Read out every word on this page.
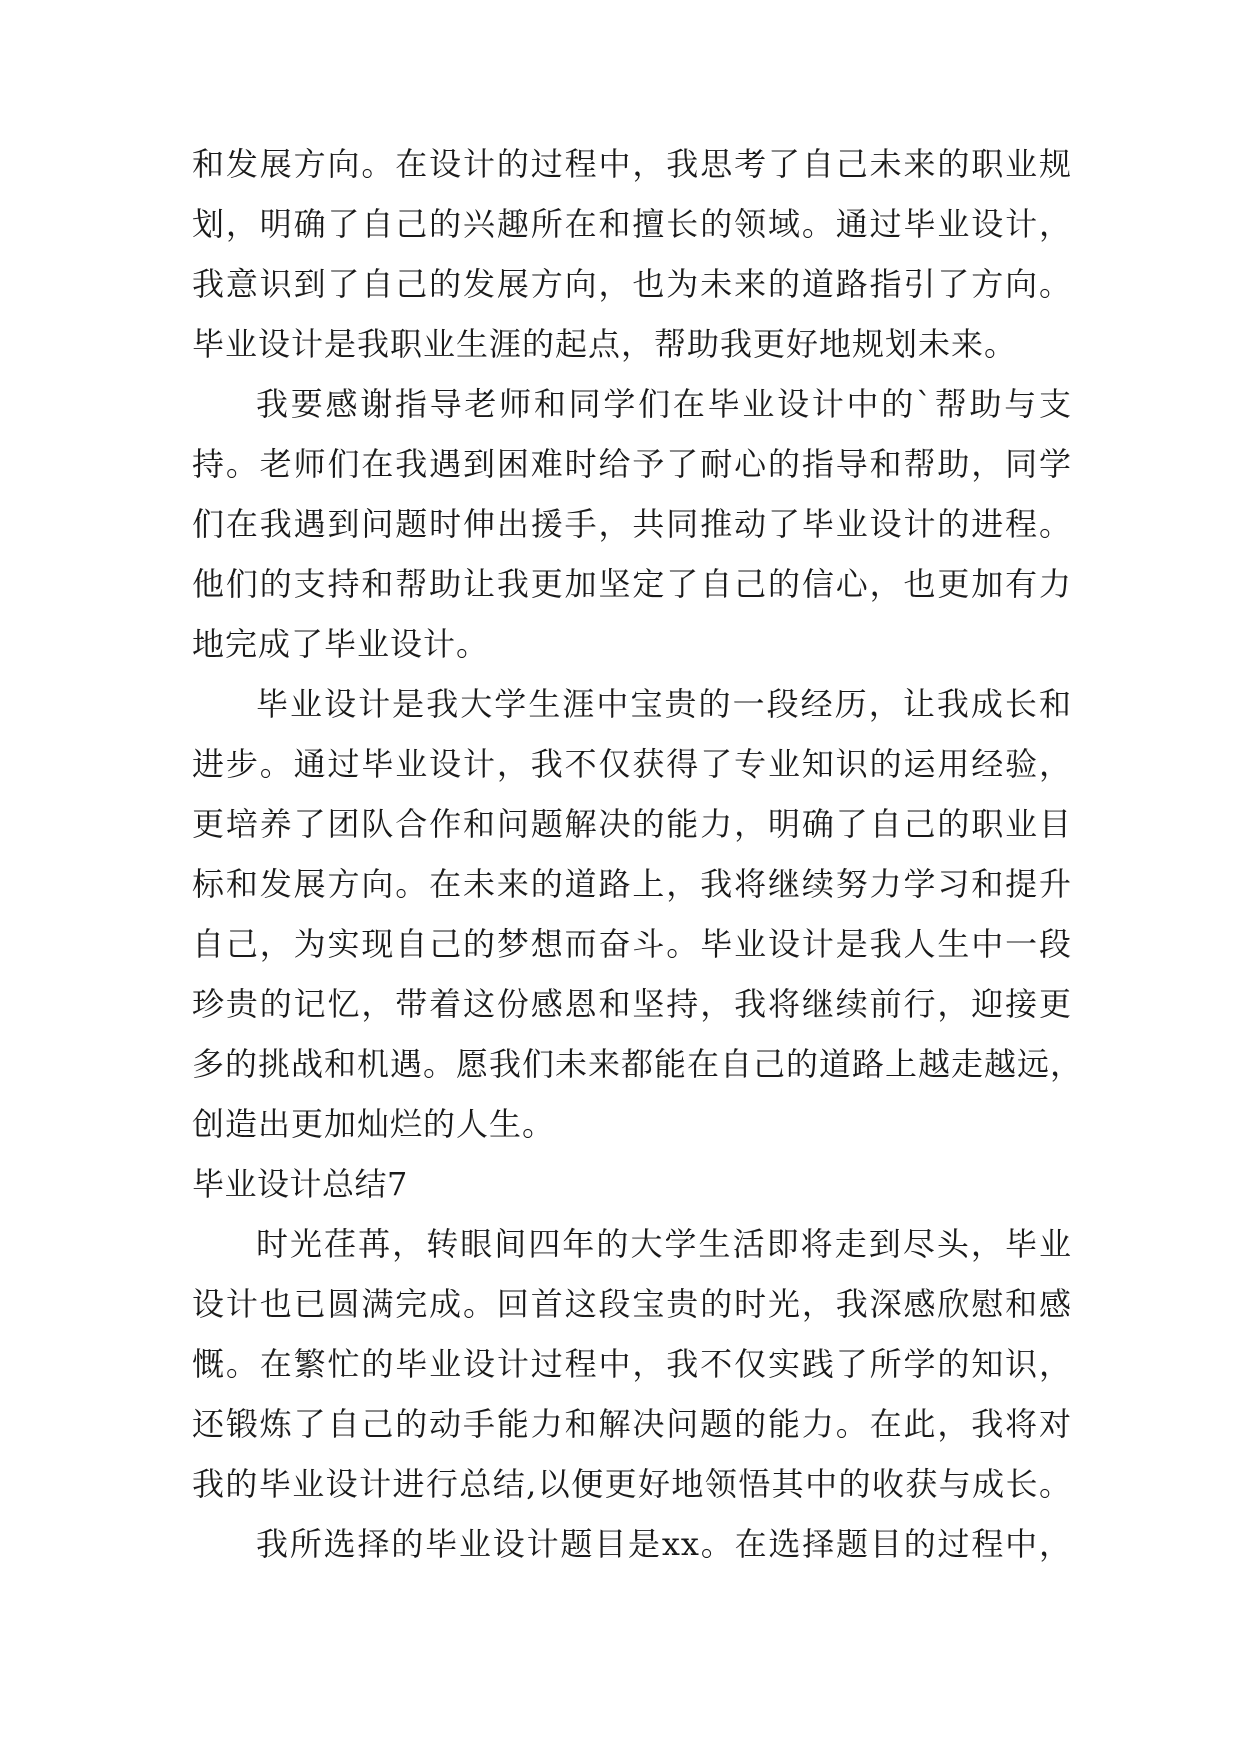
和发展方向。在设计的过程中，我思考了自己未来的职业规
划，明确了自己的兴趣所在和擅长的领域。通过毕业设计，
我意识到了自己的发展方向，也为未来的道路指引了方向。
毕业设计是我职业生涯的起点，帮助我更好地规划未来。
我要感谢指导老师和同学们在毕业设计中的`帮助与支
持。老师们在我遇到困难时给予了耐心的指导和帮助，同学
们在我遇到问题时伸出援手，共同推动了毕业设计的进程。
他们的支持和帮助让我更加坚定了自己的信心，也更加有力
地完成了毕业设计。
毕业设计是我大学生涯中宝贵的一段经历，让我成长和
进步。通过毕业设计，我不仅获得了专业知识的运用经验，
更培养了团队合作和问题解决的能力，明确了自己的职业目
标和发展方向。在未来的道路上，我将继续努力学习和提升
自己，为实现自己的梦想而奋斗。毕业设计是我人生中一段
珍贵的记忆，带着这份感恩和坚持，我将继续前行，迎接更
多的挑战和机遇。愿我们未来都能在自己的道路上越走越远，
创造出更加灿烂的人生。
毕业设计总结7
时光荏苒，转眼间四年的大学生活即将走到尽头，毕业
设计也已圆满完成。回首这段宝贵的时光，我深感欣慰和感
慨。在繁忙的毕业设计过程中，我不仅实践了所学的知识，
还锻炼了自己的动手能力和解决问题的能力。在此，我将对
我的毕业设计进行总结,以便更好地领悟其中的收获与成长。
我所选择的毕业设计题目是xx。在选择题目的过程中，
